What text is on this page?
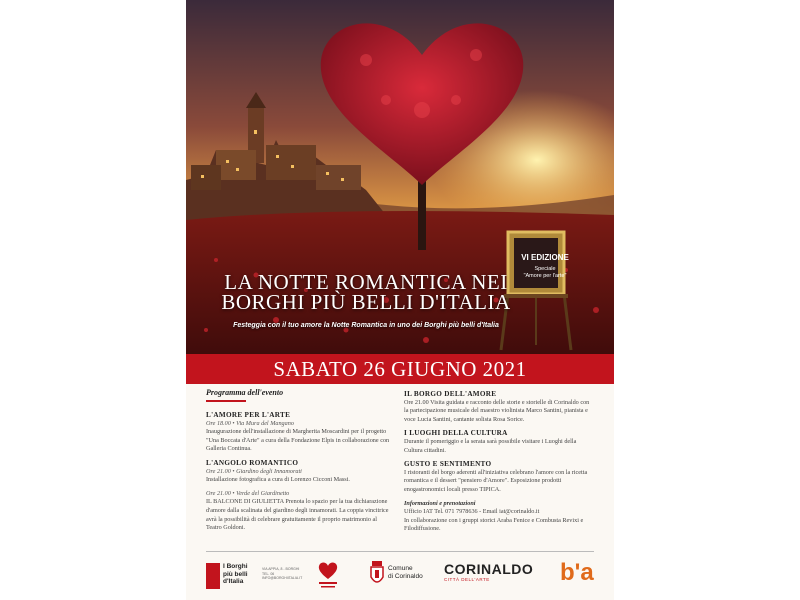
LA NOTTE ROMANTICA NEI
BORGHI PIÙ BELLI D'ITALIA
Festeggia con il tuo amore la Notte Romantica in uno dei Borghi più belli d'Italia
VI EDIZIONE
Speciale
"Amore per l'arte"
SABATO 26 GIUGNO 2021
Programma dell'evento
L'AMORE PER L'ARTE
Ore 18.00 • Via Mura del Mangano
Inaugurazione dell'installazione di Margherita Moscardini per il progetto "Una Boccata d'Arte" a cura della Fondazione Elpis in collaborazione con Galleria Continua.
L'ANGOLO ROMANTICO
Ore 21.00 • Giardino degli Innamorati
Installazione fotografica a cura di Lorenzo Cicconi Massi.
Ore 21.00 • Verde del Giardinetto
IL BALCONE DI GIULIETTA Prenota lo spazio per la tua dichiarazione d'amore dalla scalinata del giardino degli innamorati. La coppia vincitrice avrà la possibilità di celebrare gratuitamente il proprio matrimonio al Teatro Goldoni.
IL BORGO DELL'AMORE
Ore 21.00 Visita guidata e racconto delle storie e storielle di Corinaldo con la partecipazione musicale del maestro violinista Marco Santini, pianista e voce Lucia Santini, cantante solista Rosa Sorice.
I LUOGHI DELLA CULTURA
Durante il pomeriggio e la serata sarà possibile visitare i Luoghi della Cultura cittadini.
GUSTO E SENTIMENTO
I ristoranti del borgo aderenti all'iniziativa celebrano l'amore con la ricetta romantica e il dessert "pensiero d'Amore". Esposizione prodotti enogastronomici locali presso TIPICA.
Informazioni e prenotazioni
Ufficio IAT Tel. 071 7978636 - Email iat@corinaldo.it
In collaborazione con i gruppi storici Araba Fenice e Combusta Revixi e Filodiffusione.
I Borghi
più belli
d'Italia
VIA APPIA, 8 - BORGHI TEL. 06 INFO@BORGHIITALIA.IT
Comune
di Corinaldo CORINALDO
CITTÀ DELL'ARTE	b'a
